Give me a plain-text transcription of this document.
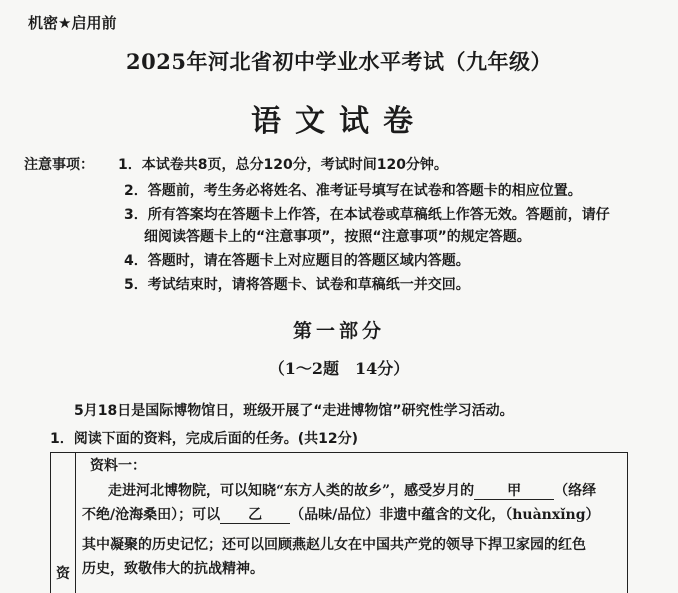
机密★启用前
2025年河北省初中学业水平考试（九年级）
语文试卷
注意事项： 1．本试卷共8页，总分120分，考试时间120分钟。
2．答题前，考生务必将姓名、准考证号填写在试卷和答题卡的相应位置。
3．所有答案均在答题卡上作答，在本试卷或草稿纸上作答无效。答题前，请仔
细阅读答题卡上的“注意事项”，按照“注意事项”的规定答题。
4．答题时，请在答题卡上对应题目的答题区域内答题。
5．考试结束时，请将答题卡、试卷和草稿纸一并交回。
第一部分
（1～2题　14分）
5月18日是国际博物馆日，班级开展了“走进博物馆”研究性学习活动。
1．阅读下面的资料，完成后面的任务。(共12分)
资
资料一：
走进河北博物院，可以知晓“东方人类的故乡”，感受岁月的 甲 （络绎
不绝/沧海桑田）；可以 乙 （品味/品位）非遗中蕴含的文化，（huànxǐng）
其中凝聚的历史记忆；还可以回顾燕赵儿女在中国共产党的领导下捍卫家园的红色
历史，致敬伟大的抗战精神。
